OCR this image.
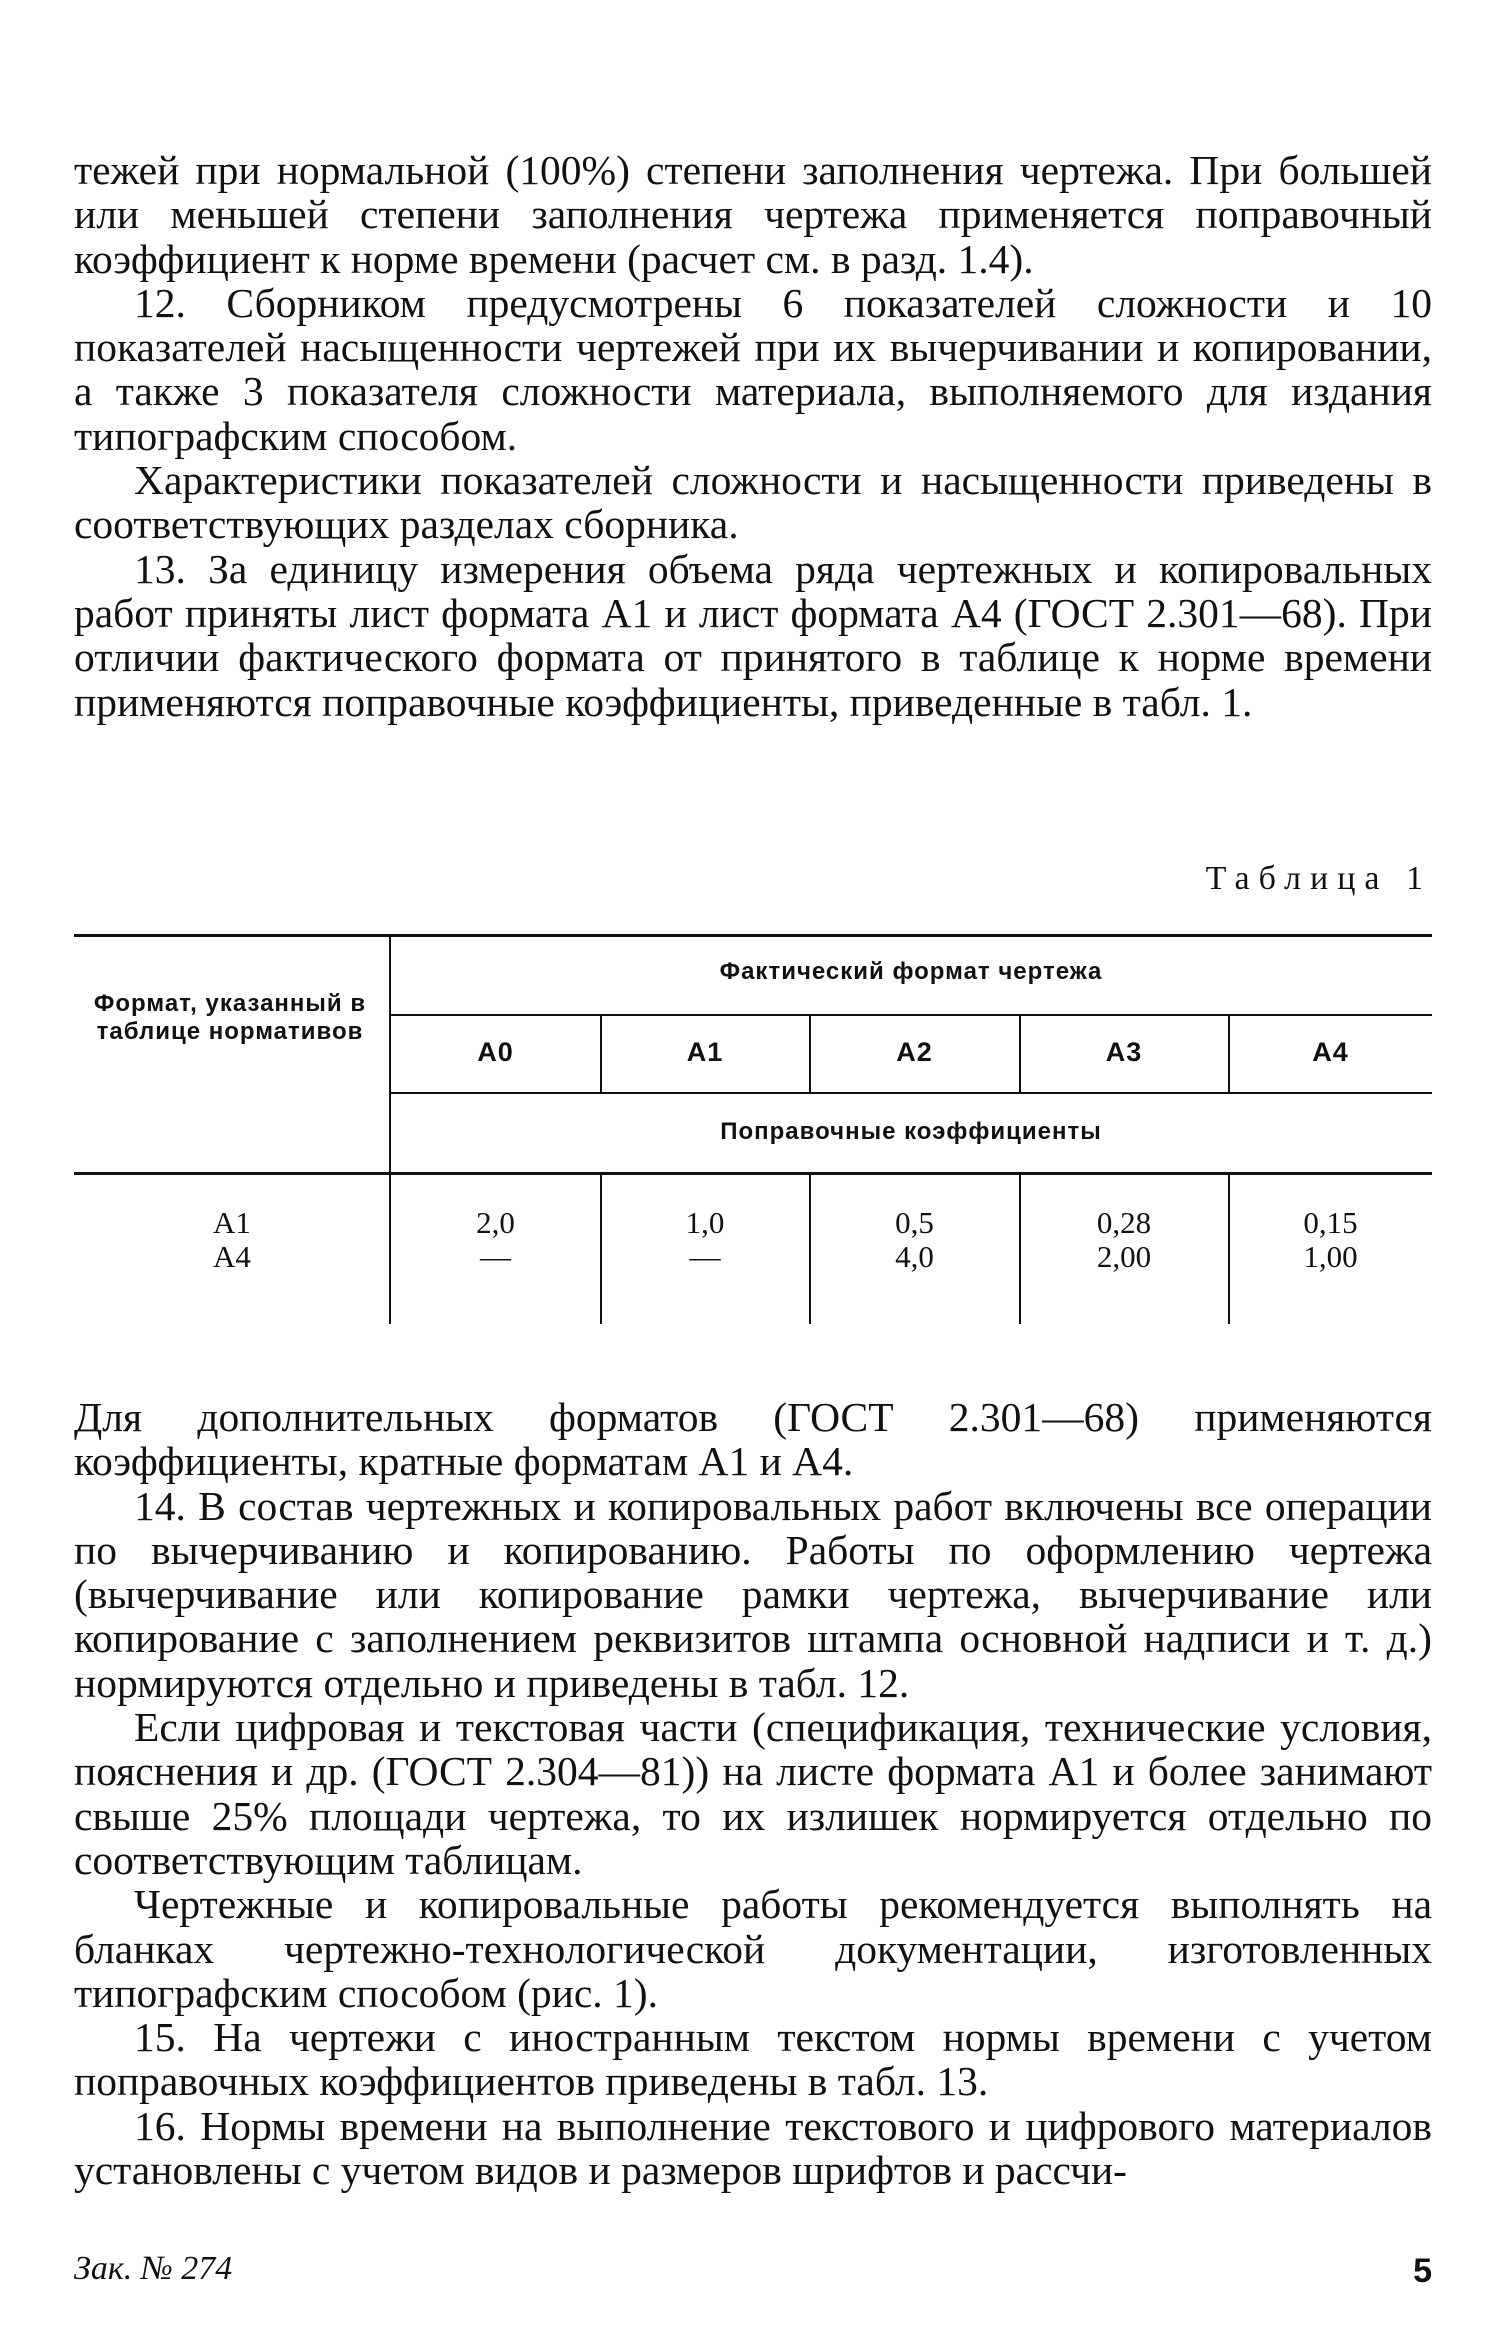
тежей при нормальной (100%) степени заполнения чертежа. При большей или меньшей степени заполнения чертежа применяется поправочный коэффициент к норме времени (расчет см. в разд. 1.4).

12. Сборником предусмотрены 6 показателей сложности и 10 показателей насыщенности чертежей при их вычерчивании и копировании, а также 3 показателя сложности материала, выполняемого для издания типографским способом.

Характеристики показателей сложности и насыщенности приведены в соответствующих разделах сборника.

13. За единицу измерения объема ряда чертежных и копировальных работ приняты лист формата А1 и лист формата А4 (ГОСТ 2.301—68). При отличии фактического формата от принятого в таблице к норме времени применяются поправочные коэффициенты, приведенные в табл. 1.

Таблица 1
Формат, указанный в таблице нормативов
Фактический формат чертежа
А0	А1	А2	А3	А4
Поправочные коэффициенты
А1	2,0	1,0	0,5	0,28	0,15
А4	—	—	4,0	2,00	1,00

Для дополнительных форматов (ГОСТ 2.301—68) применяются коэффициенты, кратные форматам А1 и А4.

14. В состав чертежных и копировальных работ включены все операции по вычерчиванию и копированию. Работы по оформлению чертежа (вычерчивание или копирование рамки чертежа, вычерчивание или копирование с заполнением реквизитов штампа основной надписи и т. д.) нормируются отдельно и приведены в табл. 12.

Если цифровая и текстовая части (спецификация, технические условия, пояснения и др. (ГОСТ 2.304—81)) на листе формата А1 и более занимают свыше 25% площади чертежа, то их излишек нормируется отдельно по соответствующим таблицам.

Чертежные и копировальные работы рекомендуется выполнять на бланках чертежно-технологической документации, изготовленных типографским способом (рис. 1).

15. На чертежи с иностранным текстом нормы времени с учетом поправочных коэффициентов приведены в табл. 13.

16. Нормы времени на выполнение текстового и цифрового материалов установлены с учетом видов и размеров шрифтов и рассчи-

Зак. № 274	5
